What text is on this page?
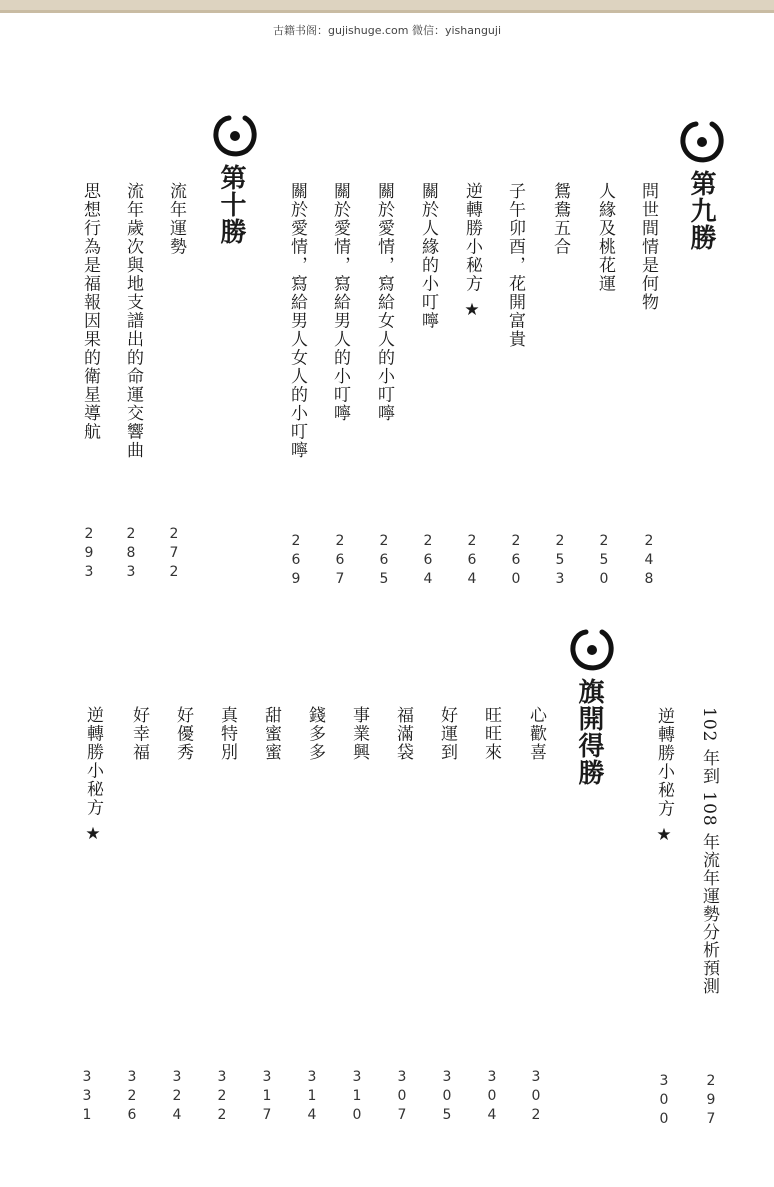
古籍书阁：gujishuge.com 微信：yishanguji
第九勝
問世間情是何物
人緣及桃花運
鴛鴦五合
子午卯酉，花開富貴
逆轉勝小秘方 ★
關於人緣的小叮嚀
關於愛情，寫給女人的小叮嚀
關於愛情，寫給男人的小叮嚀
關於愛情，寫給男人女人的小叮嚀
248
250
253
260
264
264
265
267
269
第十勝
流年運勢
流年歲次與地支譜出的命運交響曲
思想行為是福報因果的衛星導航
272
283
293
102 年到 108 年流年運勢分析預測
逆轉勝小秘方 ★
297
300
旗開得勝
心歡喜
旺旺來
好運到
福滿袋
事業興
錢多多
甜蜜蜜
真特別
好優秀
好幸福
逆轉勝小秘方 ★
302
304
305
307
310
314
317
322
324
326
331
